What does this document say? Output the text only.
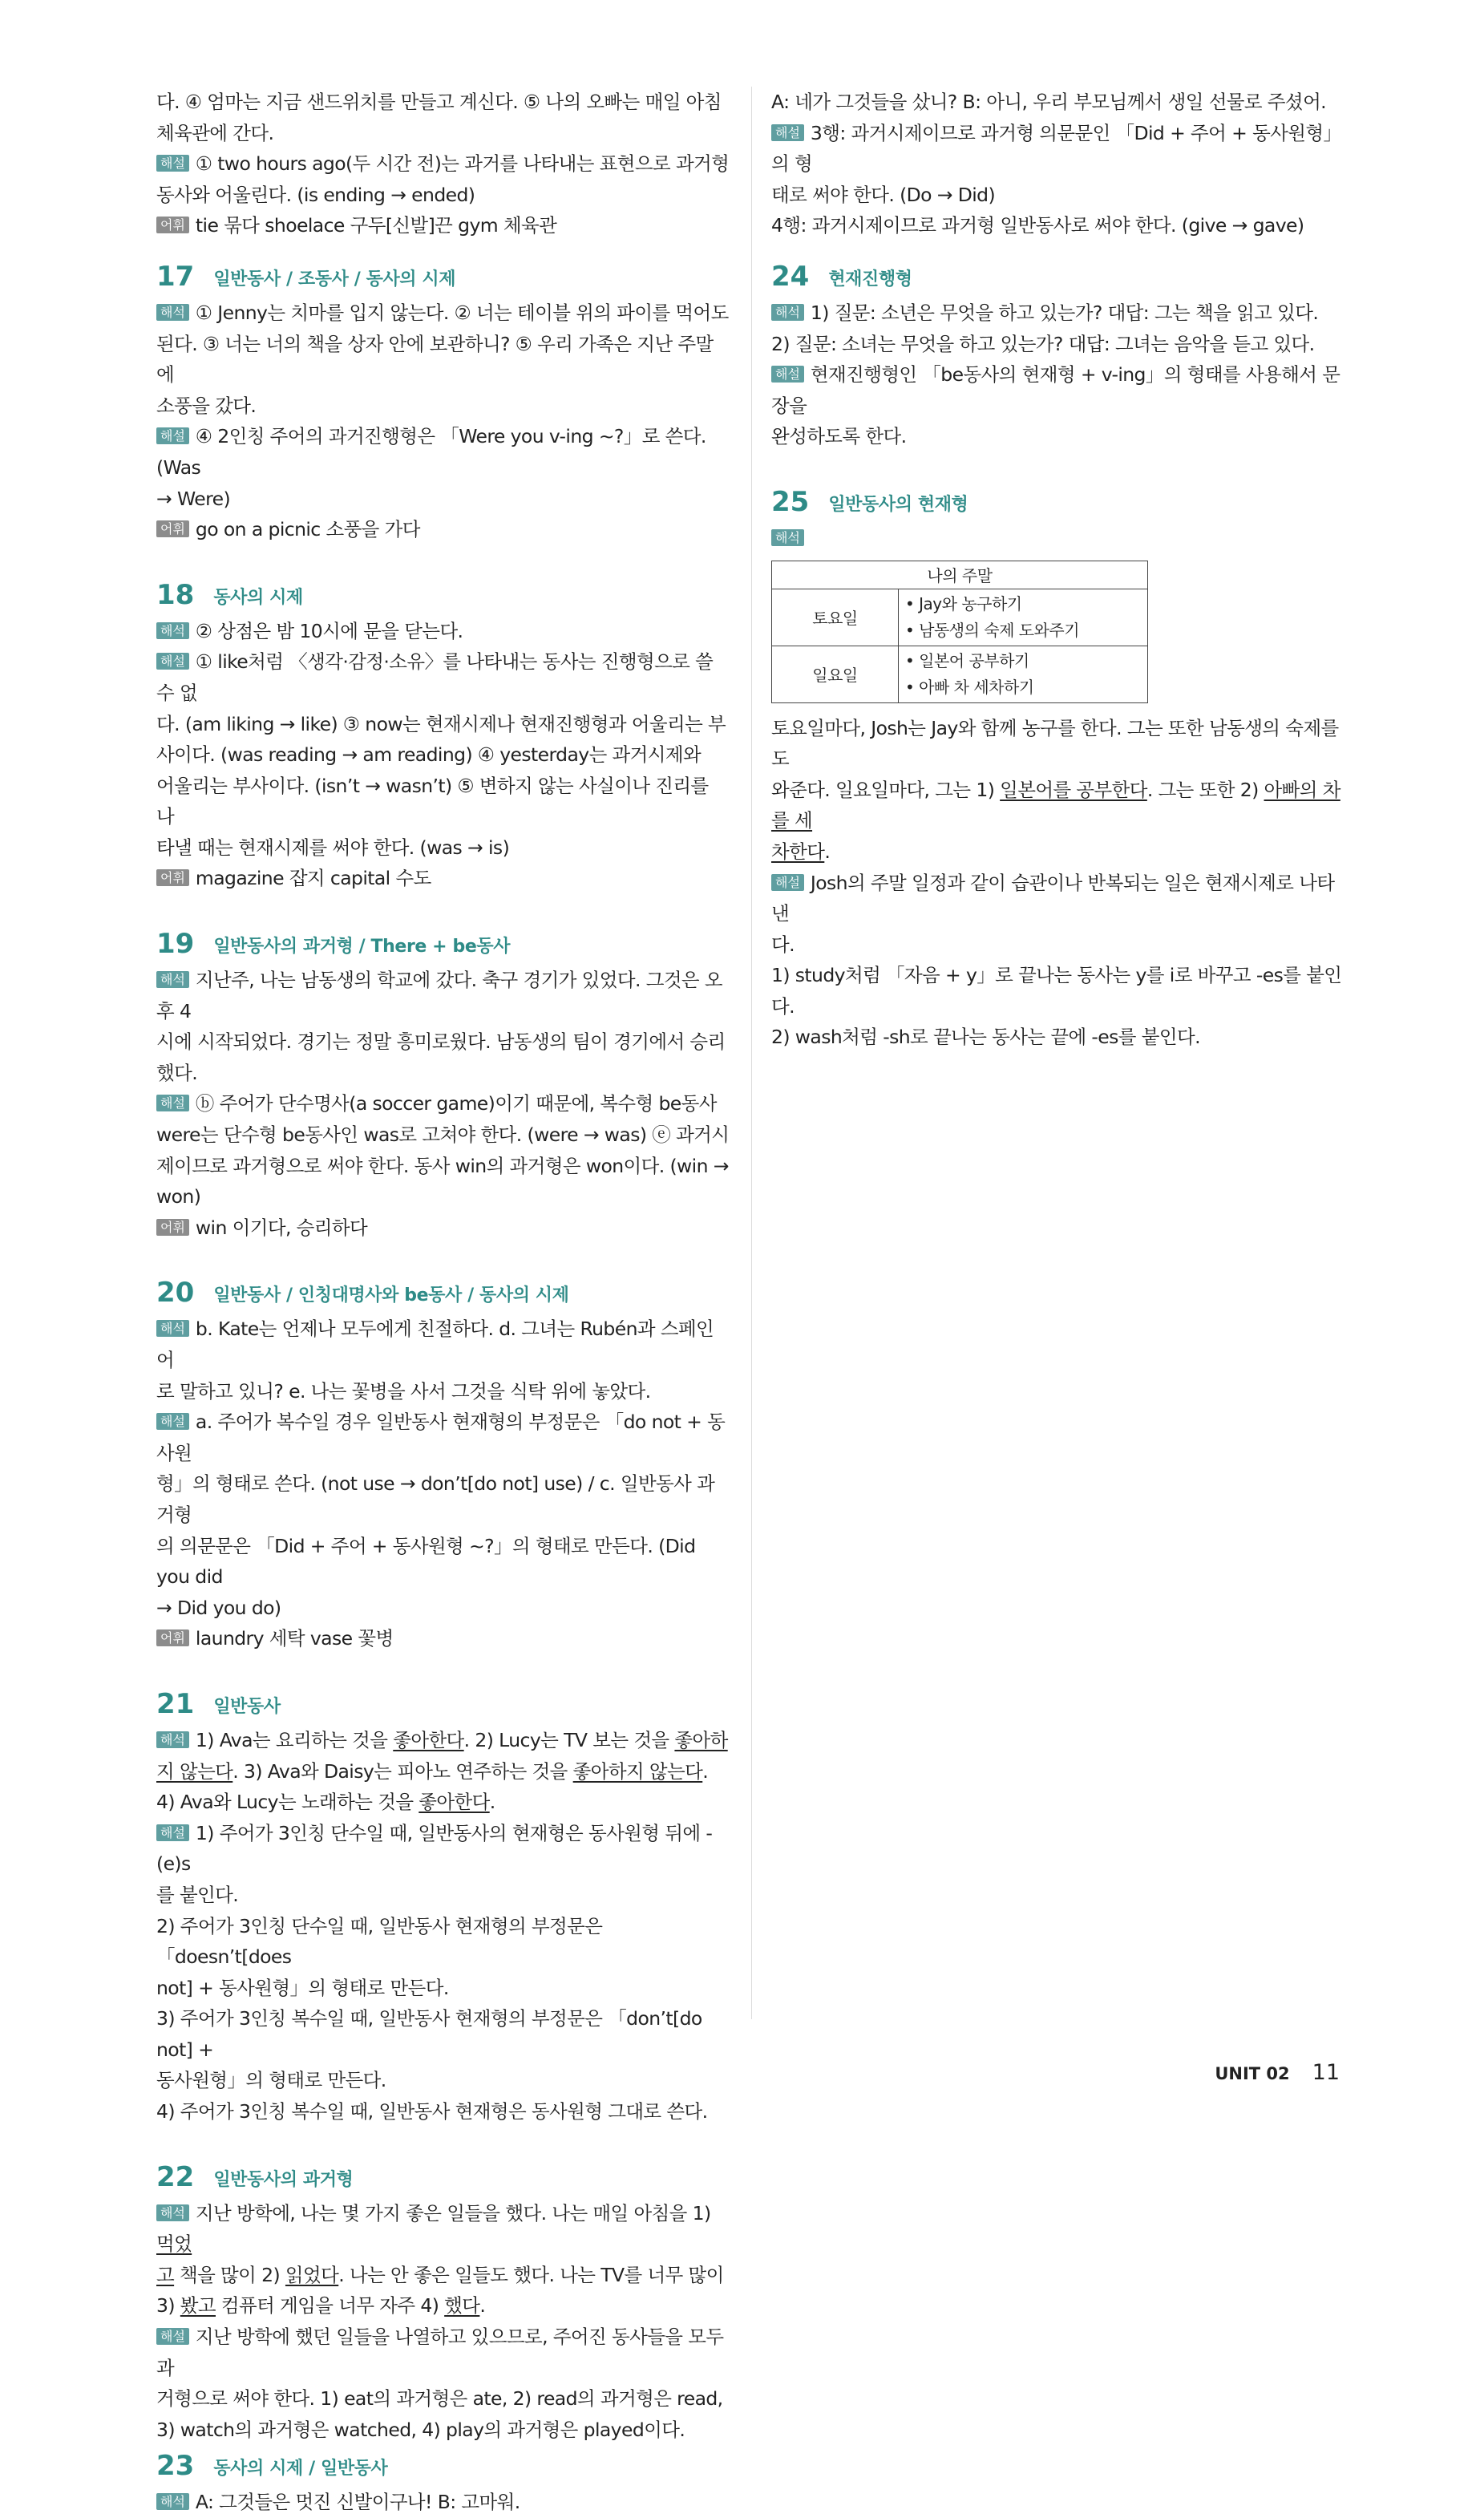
다. ④ 엄마는 지금 샌드위치를 만들고 계신다. ⑤ 나의 오빠는 매일 아침

체육관에 간다.

해설 ① two hours ago(두 시간 전)는 과거를 나타내는 표현으로 과거형

동사와 어울린다. (is ending → ended)

어휘 tie 묶다 shoelace 구두[신발]끈 gym 체육관

17 일반동사 / 조동사 / 동사의 시제

해석 ① Jenny는 치마를 입지 않는다. ② 너는 테이블 위의 파이를 먹어도

된다. ③ 너는 너의 책을 상자 안에 보관하니? ⑤ 우리 가족은 지난 주말에

소풍을 갔다.

해설 ④ 2인칭 주어의 과거진행형은 「Were you v-ing ~?」로 쓴다. (Was

→ Were)

어휘 go on a picnic 소풍을 가다

18 동사의 시제

해석 ② 상점은 밤 10시에 문을 닫는다.

해설 ① like처럼 〈생각·감정·소유〉를 나타내는 동사는 진행형으로 쓸 수 없

다. (am liking → like) ③ now는 현재시제나 현재진행형과 어울리는 부

사이다. (was reading → am reading) ④ yesterday는 과거시제와

어울리는 부사이다. (isn’t → wasn’t) ⑤ 변하지 않는 사실이나 진리를 나

타낼 때는 현재시제를 써야 한다. (was → is)

어휘 magazine 잡지 capital 수도

19 일반동사의 과거형 / There + be동사

해석 지난주, 나는 남동생의 학교에 갔다. 축구 경기가 있었다. 그것은 오후 4

시에 시작되었다. 경기는 정말 흥미로웠다. 남동생의 팀이 경기에서 승리했다.

해설 ⓑ 주어가 단수명사(a soccer game)이기 때문에, 복수형 be동사

were는 단수형 be동사인 was로 고쳐야 한다. (were → was) ⓔ 과거시

제이므로 과거형으로 써야 한다. 동사 win의 과거형은 won이다. (win →

won)

어휘 win 이기다, 승리하다

20 일반동사 / 인칭대명사와 be동사 / 동사의 시제

해석 b. Kate는 언제나 모두에게 친절하다. d. 그녀는 Rubén과 스페인어

로 말하고 있니? e. 나는 꽃병을 사서 그것을 식탁 위에 놓았다.

해설 a. 주어가 복수일 경우 일반동사 현재형의 부정문은 「do not + 동사원

형」의 형태로 쓴다. (not use → don’t[do not] use) / c. 일반동사 과거형

의 의문문은 「Did + 주어 + 동사원형 ~?」의 형태로 만든다. (Did you did

→ Did you do)

어휘 laundry 세탁 vase 꽃병

21 일반동사

해석 1) Ava는 요리하는 것을 좋아한다. 2) Lucy는 TV 보는 것을 좋아하

지 않는다. 3) Ava와 Daisy는 피아노 연주하는 것을 좋아하지 않는다.

4) Ava와 Lucy는 노래하는 것을 좋아한다.

해설 1) 주어가 3인칭 단수일 때, 일반동사의 현재형은 동사원형 뒤에 -(e)s

를 붙인다.

2) 주어가 3인칭 단수일 때, 일반동사 현재형의 부정문은 「doesn’t[does

not] + 동사원형」의 형태로 만든다.

3) 주어가 3인칭 복수일 때, 일반동사 현재형의 부정문은 「don’t[do not] +

동사원형」의 형태로 만든다.

4) 주어가 3인칭 복수일 때, 일반동사 현재형은 동사원형 그대로 쓴다.

22 일반동사의 과거형

해석 지난 방학에, 나는 몇 가지 좋은 일들을 했다. 나는 매일 아침을 1) 먹었

고 책을 많이 2) 읽었다. 나는 안 좋은 일들도 했다. 나는 TV를 너무 많이

3) 봤고 컴퓨터 게임을 너무 자주 4) 했다.

해설 지난 방학에 했던 일들을 나열하고 있으므로, 주어진 동사들을 모두 과

거형으로 써야 한다. 1) eat의 과거형은 ate, 2) read의 과거형은 read,

3) watch의 과거형은 watched, 4) play의 과거형은 played이다.

23 동사의 시제 / 일반동사

해석 A: 그것들은 멋진 신발이구나! B: 고마워.

A: 네가 그것들을 샀니? B: 아니, 우리 부모님께서 생일 선물로 주셨어.

해설 3행: 과거시제이므로 과거형 의문문인 「Did + 주어 + 동사원형」의 형

태로 써야 한다. (Do → Did)

4행: 과거시제이므로 과거형 일반동사로 써야 한다. (give → gave)

24 현재진행형

해석 1) 질문: 소년은 무엇을 하고 있는가? 대답: 그는 책을 읽고 있다.

2) 질문: 소녀는 무엇을 하고 있는가? 대답: 그녀는 음악을 듣고 있다.

해설 현재진행형인 「be동사의 현재형 + v-ing」의 형태를 사용해서 문장을

완성하도록 한다.

25 일반동사의 현재형

해석

나의 주말	
토요일	• Jay와 농구하기
• 남동생의 숙제 도와주기

일요일	• 일본어 공부하기
• 아빠 차 세차하기

토요일마다, Josh는 Jay와 함께 농구를 한다. 그는 또한 남동생의 숙제를 도

와준다. 일요일마다, 그는 1) 일본어를 공부한다. 그는 또한 2) 아빠의 차를 세

차한다.

해설 Josh의 주말 일정과 같이 습관이나 반복되는 일은 현재시제로 나타낸

다.

1) study처럼 「자음 + y」로 끝나는 동사는 y를 i로 바꾸고 -es를 붙인다.

2) wash처럼 -sh로 끝나는 동사는 끝에 -es를 붙인다.

UNIT 02 11
